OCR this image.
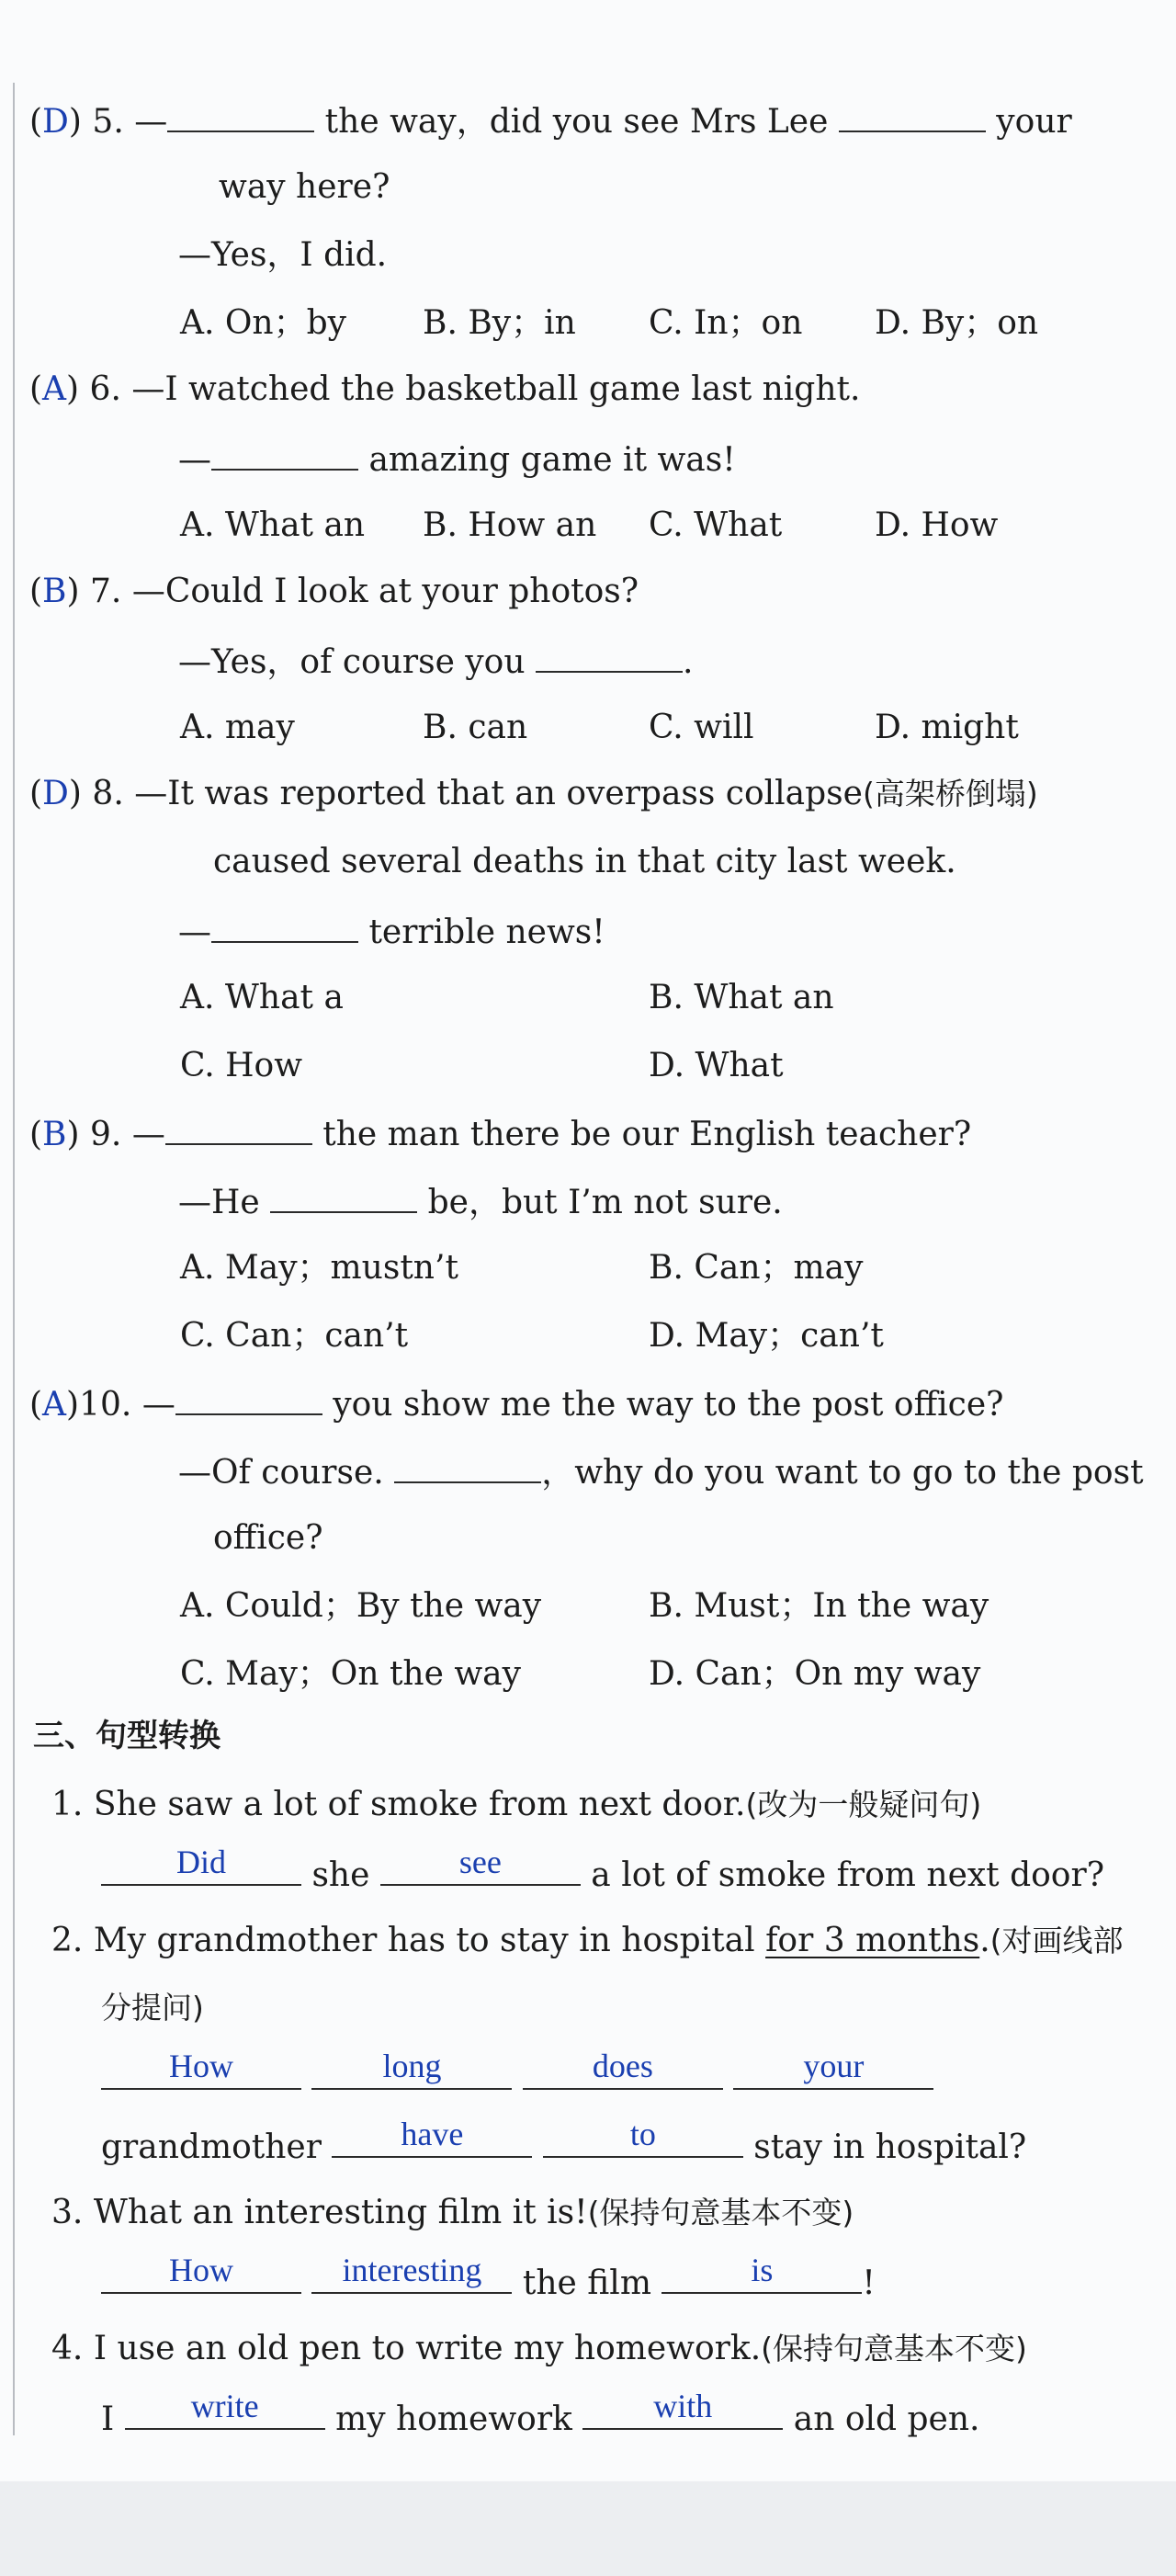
(D) 5. —	the way，did you see Mrs Lee	your
way here?
—Yes，I did.
A. On；by B. By；in C. In；on D. By；on
(A) 6. —I watched the basketball game last night.
—	amazing game it was!
A. What an B. How an C. What	D. How
(B) 7. —Could I look at your photos?
—Yes，of course you	.
A. may	B. can	C. will	D. might
(D) 8. —It was reported that an overpass collapse(高架桥倒塌)
caused several deaths in that city last week.
—	terrible news!
A. What a	B. What an
C. How	D. What
(B) 9. —	the man there be our English teacher?
—He	be，but I’m not sure.
A. May；mustn’t	B. Can；may
C. Can；can’t	D. May；can’t
(A)10. —	you show me the way to the post office?
—Of course.	，why do you want to go to the post
office?
A. Could；By the way	B. Must；In the way
C. May；On the way	D. Can；On my way
三、句型转换
1. She saw a lot of smoke from next door.(改为一般疑问句)
Did	she	see	a lot of smoke from next door?
2. My grandmother has to stay in hospital for 3 months.(对画线部
分提问)
How
	long
	does
	your
grandmother	have
	to	stay in hospital?
3. What an interesting film it is!(保持句意基本不变)
How
	interesting the film	is	!
4. I use an old pen to write my homework.(保持句意基本不变)
I	write	my homework	with	an old pen.
